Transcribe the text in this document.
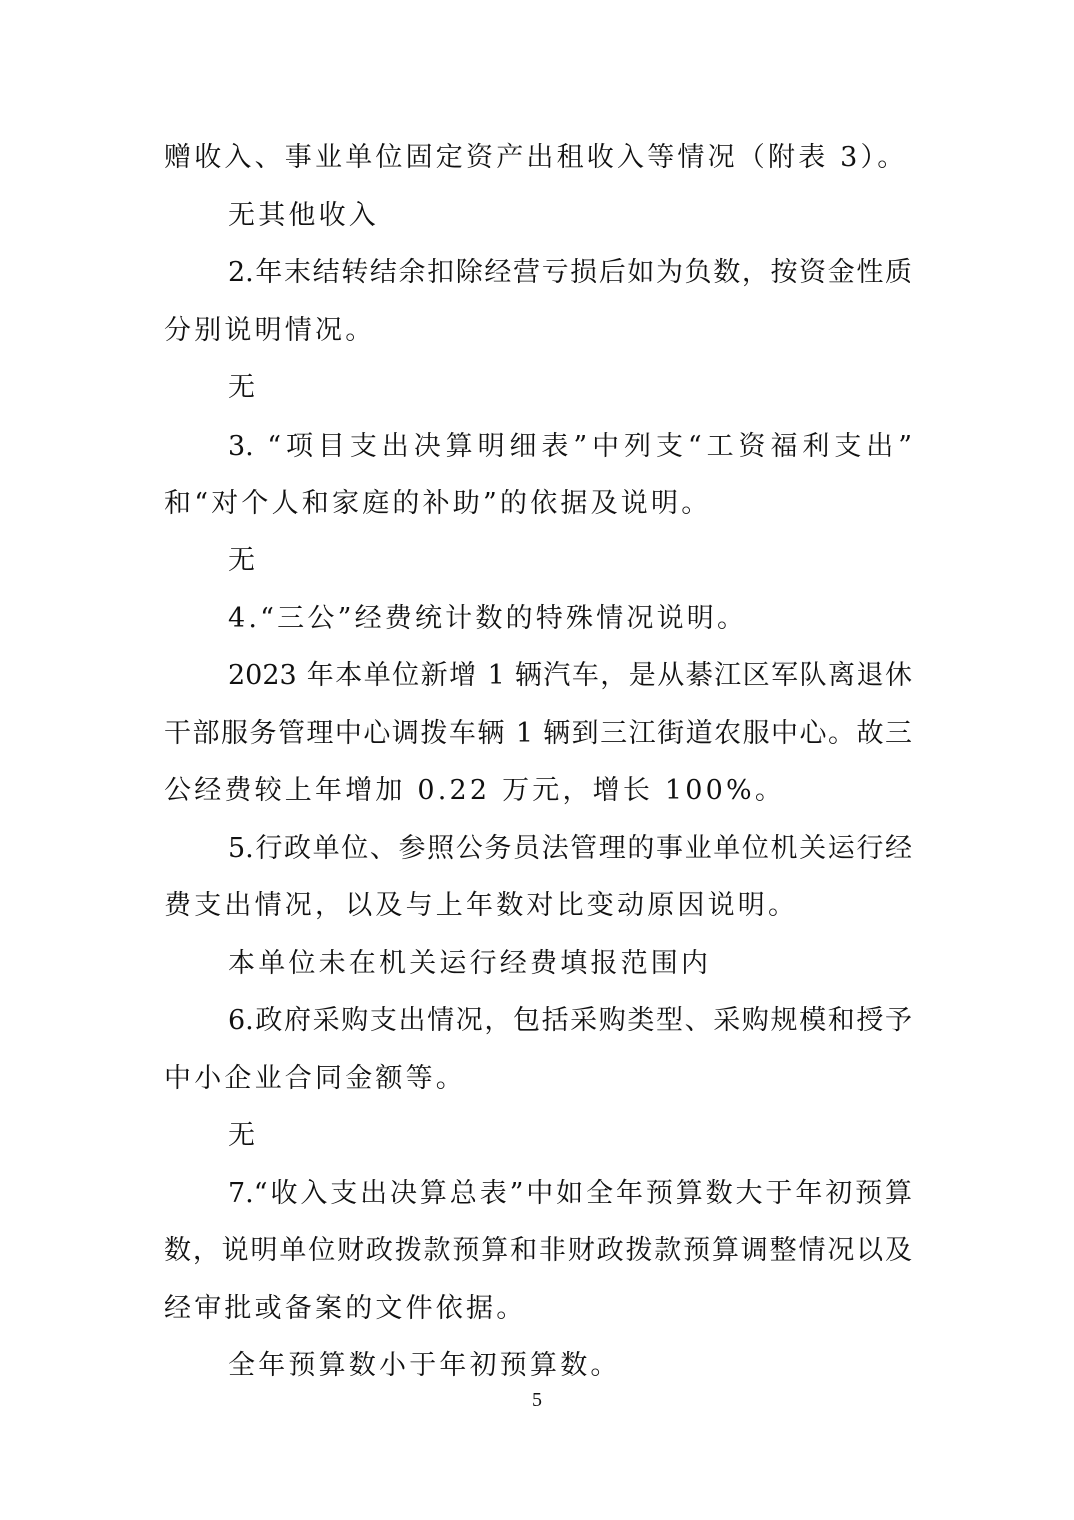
赠收入、事业单位固定资产出租收入等情况（附表 3）。
无其他收入
2.年末结转结余扣除经营亏损后如为负数，按资金性质
分别说明情况。
无
3. “项目支出决算明细表”中列支“工资福利支出”
和“对个人和家庭的补助”的依据及说明。
无
4.“三公”经费统计数的特殊情况说明。
2023 年本单位新增 1 辆汽车，是从綦江区军队离退休
干部服务管理中心调拨车辆 1 辆到三江街道农服中心。故三
公经费较上年增加 0.22 万元，增长 100%。
5.行政单位、参照公务员法管理的事业单位机关运行经
费支出情况，以及与上年数对比变动原因说明。
本单位未在机关运行经费填报范围内
6.政府采购支出情况，包括采购类型、采购规模和授予
中小企业合同金额等。
无
7.“收入支出决算总表”中如全年预算数大于年初预算
数，说明单位财政拨款预算和非财政拨款预算调整情况以及
经审批或备案的文件依据。
全年预算数小于年初预算数。
5
